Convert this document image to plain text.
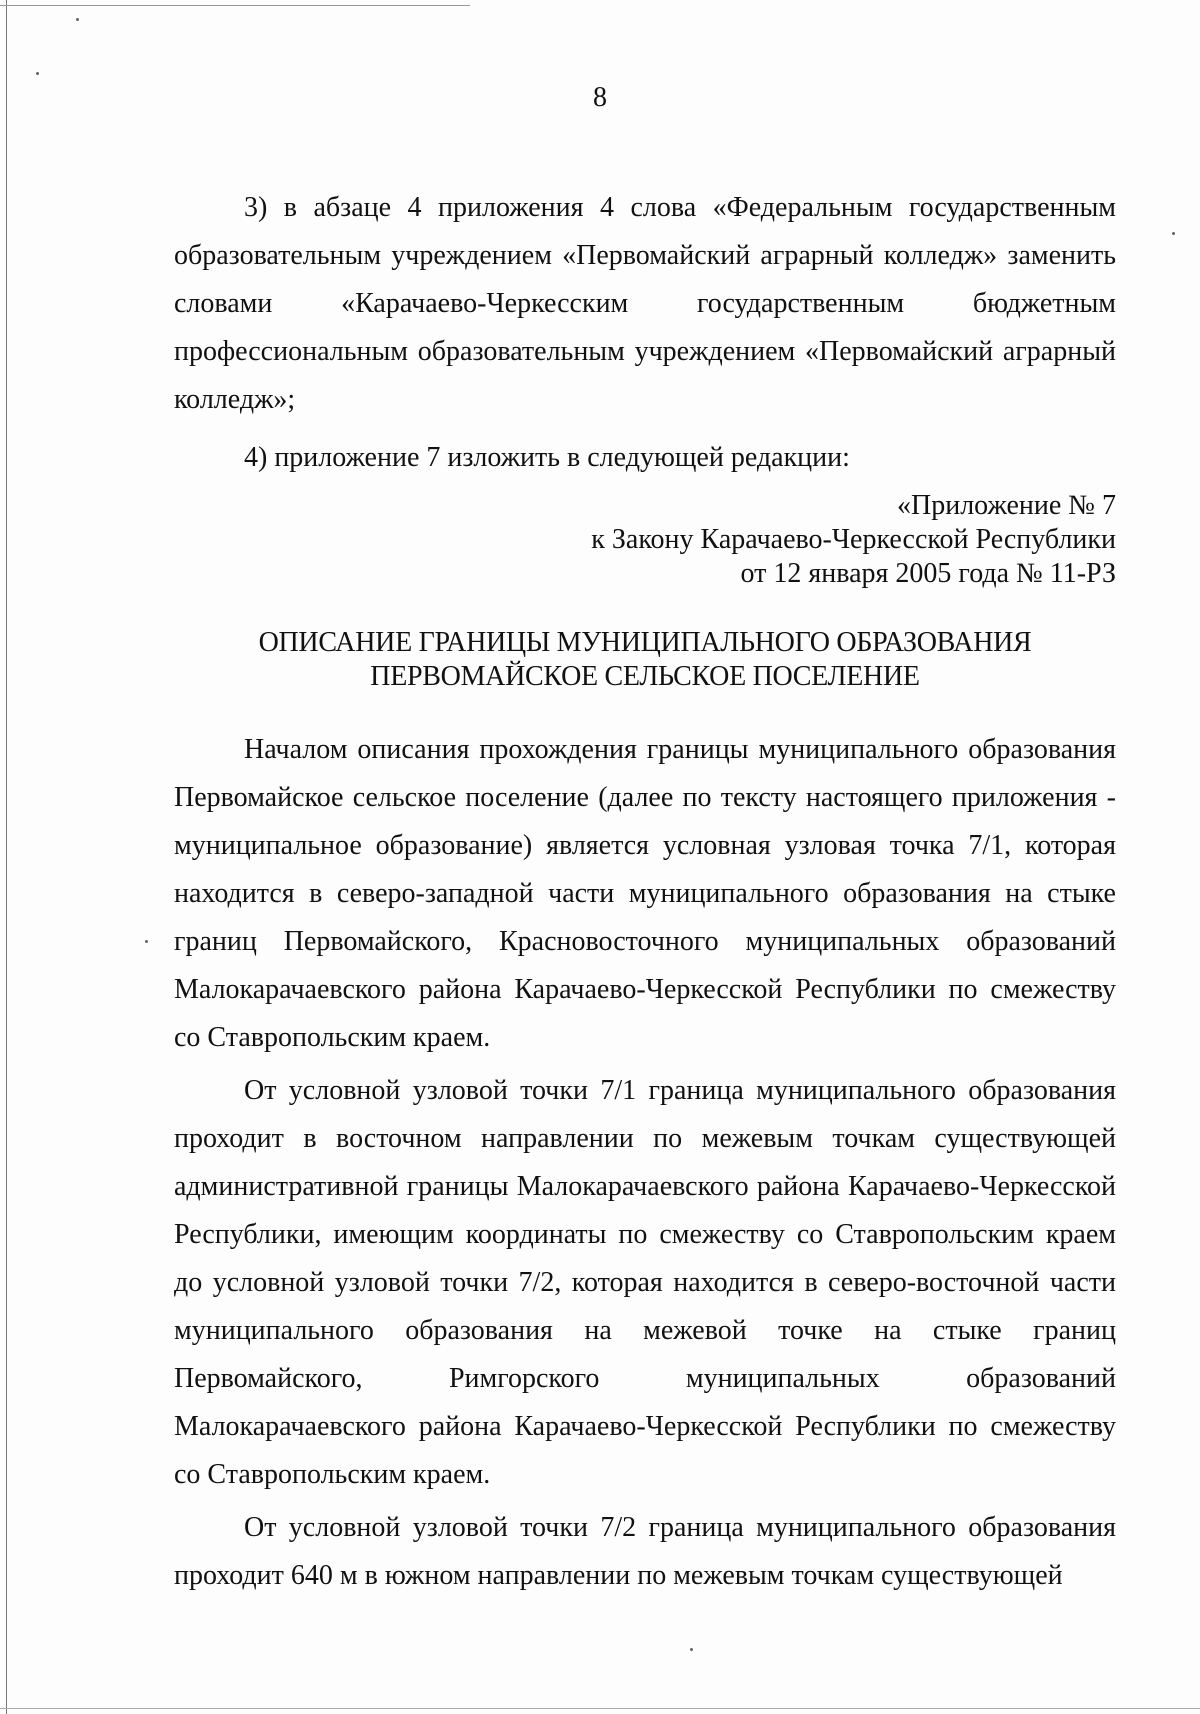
8

3) в абзаце 4 приложения 4 слова «Федеральным государственным образовательным учреждением «Первомайский аграрный колледж» заменить словами «Карачаево-Черкесским государственным бюджетным профессиональным образовательным учреждением «Первомайский аграрный колледж»;

4) приложение 7 изложить в следующей редакции:

«Приложение № 7
к Закону Карачаево-Черкесской Республики
от 12 января 2005 года № 11-РЗ
ОПИСАНИЕ ГРАНИЦЫ МУНИЦИПАЛЬНОГО ОБРАЗОВАНИЯ
ПЕРВОМАЙСКОЕ СЕЛЬСКОЕ ПОСЕЛЕНИЕ

Началом описания прохождения границы муниципального образования Первомайское сельское поселение (далее по тексту настоящего приложения - муниципальное образование) является условная узловая точка 7/1, которая находится в северо-западной части муниципального образования на стыке границ Первомайского, Красновосточного муниципальных образований Малокарачаевского района Карачаево-Черкесской Республики по смежеству со Ставропольским краем.

От условной узловой точки 7/1 граница муниципального образования проходит в восточном направлении по межевым точкам существующей административной границы Малокарачаевского района Карачаево-Черкесской Республики, имеющим координаты по смежеству со Ставропольским краем до условной узловой точки 7/2, которая находится в северо-восточной части муниципального образования на межевой точке на стыке границ Первомайского, Римгорского муниципальных образований Малокарачаевского района Карачаево-Черкесской Республики по смежеству со Ставропольским краем.

От условной узловой точки 7/2 граница муниципального образования проходит 640 м в южном направлении по межевым точкам существующей
